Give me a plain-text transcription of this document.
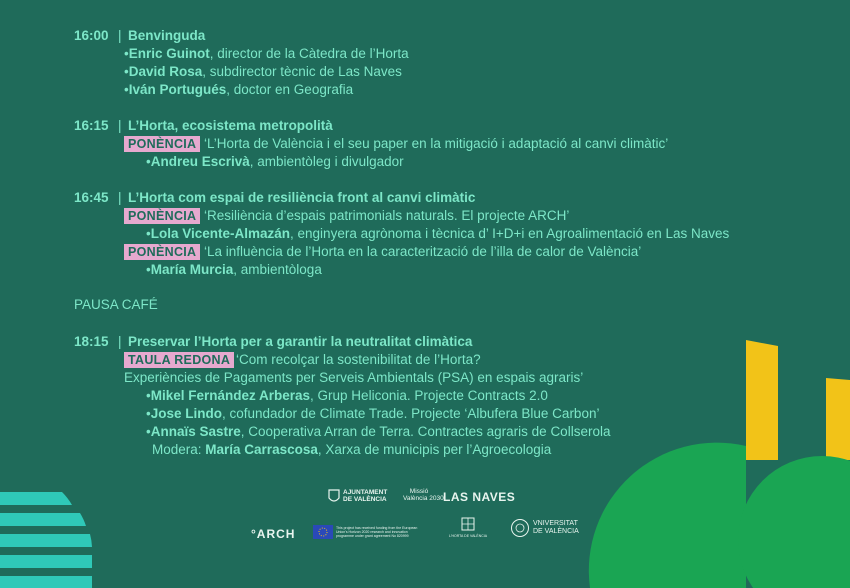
16:00 | Benvinguda
•Enric Guinot, director de la Càtedra de l’Horta
•David Rosa, subdirector tècnic de Las Naves
•Iván Portugués, doctor en Geografia
16:15 | L’Horta, ecosistema metropolità
PONÈNCIA ‘L’Horta de València i el seu paper en la mitigació i adaptació al canvi climàtic’
•Andreu Escrivà, ambientòleg i divulgador
16:45 | L’Horta com espai de resiliència front al canvi climàtic
PONÈNCIA ‘Resiliència d’espais patrimonials naturals. El projecte ARCH’
•Lola Vicente-Almazán, enginyera agrònoma i tècnica d’ I+D+i en Agroalimentació en Las Naves
PONÈNCIA ‘La influència de l’Horta en la caracterització de l’illa de calor de València’
•María Murcia, ambientòloga
PAUSA CAFÉ
18:15 | Preservar l’Horta per a garantir la neutralitat climàtica
TAULA REDONA ‘Com recolçar la sostenibilitat de l’Horta?
Experiències de Pagaments per Serveis Ambientals (PSA) en espais agraris’
•Mikel Fernández Arberas, Grup Heliconia. Projecte Contracts 2.0
•Jose Lindo, cofundador de Climate Trade. Projecte ‘Albufera Blue Carbon’
•Annaïs Sastre, Cooperativa Arran de Terra. Contractes agraris de Collserola
Modera: María Carrascosa, Xarxa de municipis per l’Agroecologia
AJUNTAMENT
DE VALÈNCIA
Missió
València 2030 LAS NAVES
°ARCH	This project has received funding from the European Union's Horizon 2020 research and innovation programme under grant agreement No 820999	L’HORTA DE VALÈNCIA
VNIVERSITAT
DE VALÈNCIA
